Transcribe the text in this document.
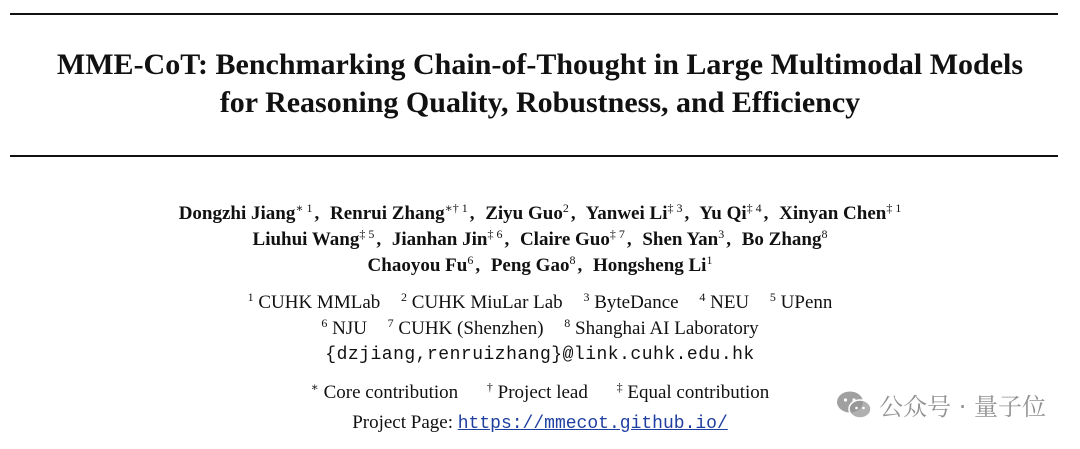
MME-CoT: Benchmarking Chain-of-Thought in Large Multimodal Models
for Reasoning Quality, Robustness, and Efficiency
Dongzhi Jiang$^{∗ 1}$ , Renrui Zhang$^{∗\dagger 1}$ , Ziyu Guo$^2$ , Yanwei Li$^{\ddagger 3}$ , Yu Qi$^{\ddagger 4}$ , Xinyan Chen$^{\ddagger 1}$
Liuhui Wang$^{\ddagger 5}$ , Jianhan Jin$^{\ddagger 6}$ , Claire Guo$^{\ddagger 7}$ , Shen Yan$^3$ , Bo Zhang$^8$
Chaoyou Fu$^6$ , Peng Gao$^8$ , Hongsheng Li$^1$
$^1$ CUHK MMLab $^2$ CUHK MiuLar Lab $^3$ ByteDance $^4$ NEU $^5$ UPenn
$^6$ NJU $^7$ CUHK (Shenzhen) $^8$ Shanghai AI Laboratory
{dzjiang,renruizhang}@link.cuhk.edu.hk
∗ Core contribution † Project lead ‡ Equal contribution
Project Page: https://mmecot.github.io/
公众号 · 量子位
